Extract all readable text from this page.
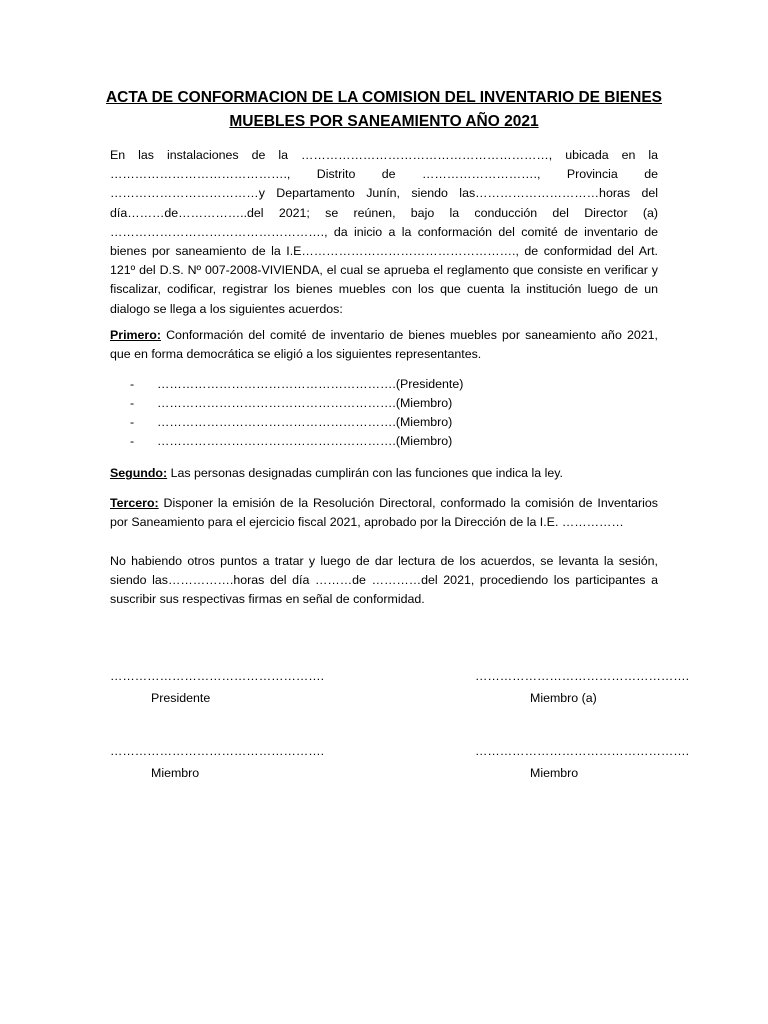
ACTA DE CONFORMACION DE LA COMISION DEL INVENTARIO DE BIENES MUEBLES POR SANEAMIENTO AÑO 2021

En las instalaciones de la ……………………………………………………, ubicada en la ……………………………………., Distrito de ………………………., Provincia de ………………………………y Departamento Junín, siendo las…………………………horas del día………de……………..del 2021; se reúnen, bajo la conducción del Director (a) ……………………………………………., da inicio a la conformación del comité de inventario de bienes por saneamiento de la I.E……………………………………………., de conformidad del Art. 121º del D.S. Nº 007-2008-VIVIENDA, el cual se aprueba el reglamento que consiste en verificar y fiscalizar, codificar, registrar los bienes muebles con los que cuenta la institución luego de un dialogo se llega a los siguientes acuerdos:

Primero: Conformación del comité de inventario de bienes muebles por saneamiento año 2021, que en forma democrática se eligió a los siguientes representantes.

- ………………………………………………….(Presidente)
- ………………………………………………….(Miembro)
- ………………………………………………….(Miembro)
- ………………………………………………….(Miembro)

Segundo: Las personas designadas cumplirán con las funciones que indica la ley.

Tercero: Disponer la emisión de la Resolución Directoral, conformado la comisión de Inventarios por Saneamiento para el ejercicio fiscal 2021, aprobado por la Dirección de la I.E. ……………

No habiendo otros puntos a tratar y luego de dar lectura de los acuerdos, se levanta la sesión, siendo las…………….horas del día ………de …………del 2021, procediendo los participantes a suscribir sus respectivas firmas en señal de conformidad.

…………………………………………….
Presidente
…………………………………………….
Miembro (a)
…………………………………………….
Miembro
…………………………………………….
Miembro
